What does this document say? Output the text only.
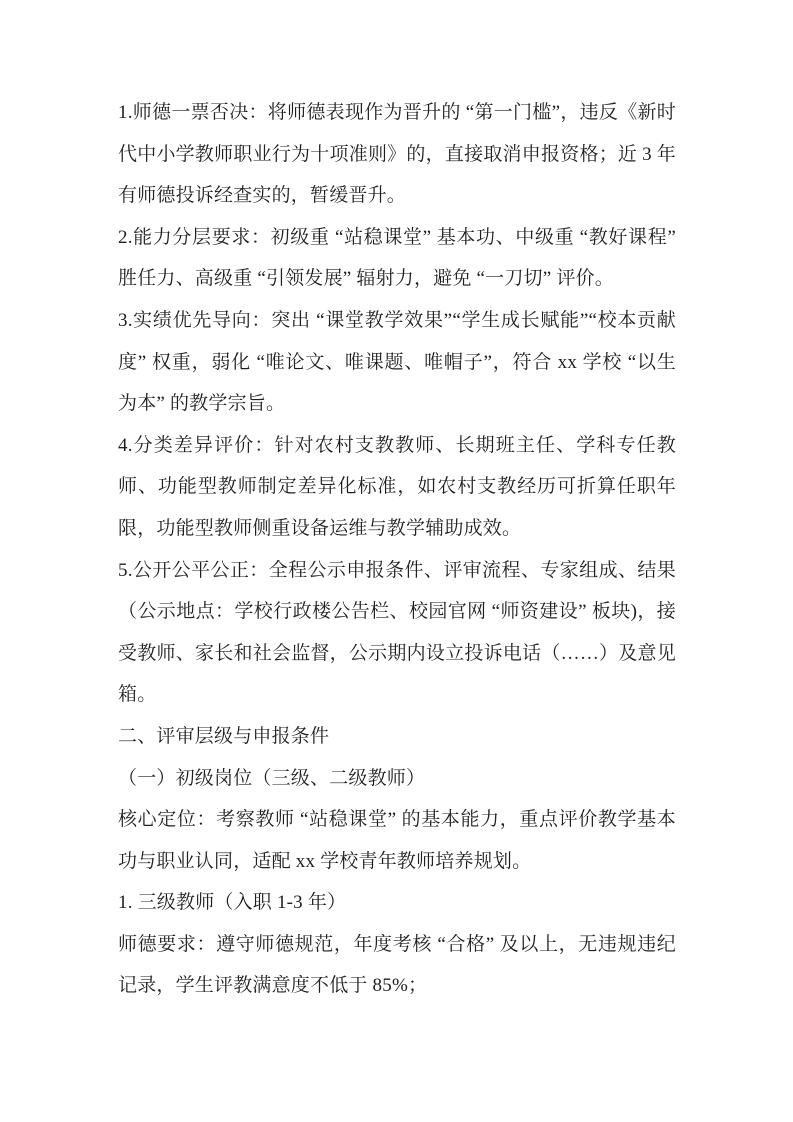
1.师德一票否决：将师德表现作为晋升的 “第一门槛”，违反《新时代中小学教师职业行为十项准则》的，直接取消申报资格；近 3 年有师德投诉经查实的，暂缓晋升。

2.能力分层要求：初级重 “站稳课堂” 基本功、中级重 “教好课程” 胜任力、高级重 “引领发展” 辐射力，避免 “一刀切” 评价。

3.实绩优先导向：突出 “课堂教学效果”“学生成长赋能”“校本贡献度” 权重，弱化 “唯论文、唯课题、唯帽子”，符合 xx 学校 “以生为本” 的教学宗旨。

4.分类差异评价：针对农村支教教师、长期班主任、学科专任教师、功能型教师制定差异化标准，如农村支教经历可折算任职年限，功能型教师侧重设备运维与教学辅助成效。

5.公开公平公正：全程公示申报条件、评审流程、专家组成、结果（公示地点：学校行政楼公告栏、校园官网 “师资建设” 板块)，接受教师、家长和社会监督，公示期内设立投诉电话（……）及意见箱。

二、评审层级与申报条件

（一）初级岗位（三级、二级教师）

核心定位：考察教师 “站稳课堂” 的基本能力，重点评价教学基本功与职业认同，适配 xx 学校青年教师培养规划。

1. 三级教师（入职 1-3 年）

师德要求：遵守师德规范，年度考核 “合格” 及以上，无违规违纪记录，学生评教满意度不低于 85%；
